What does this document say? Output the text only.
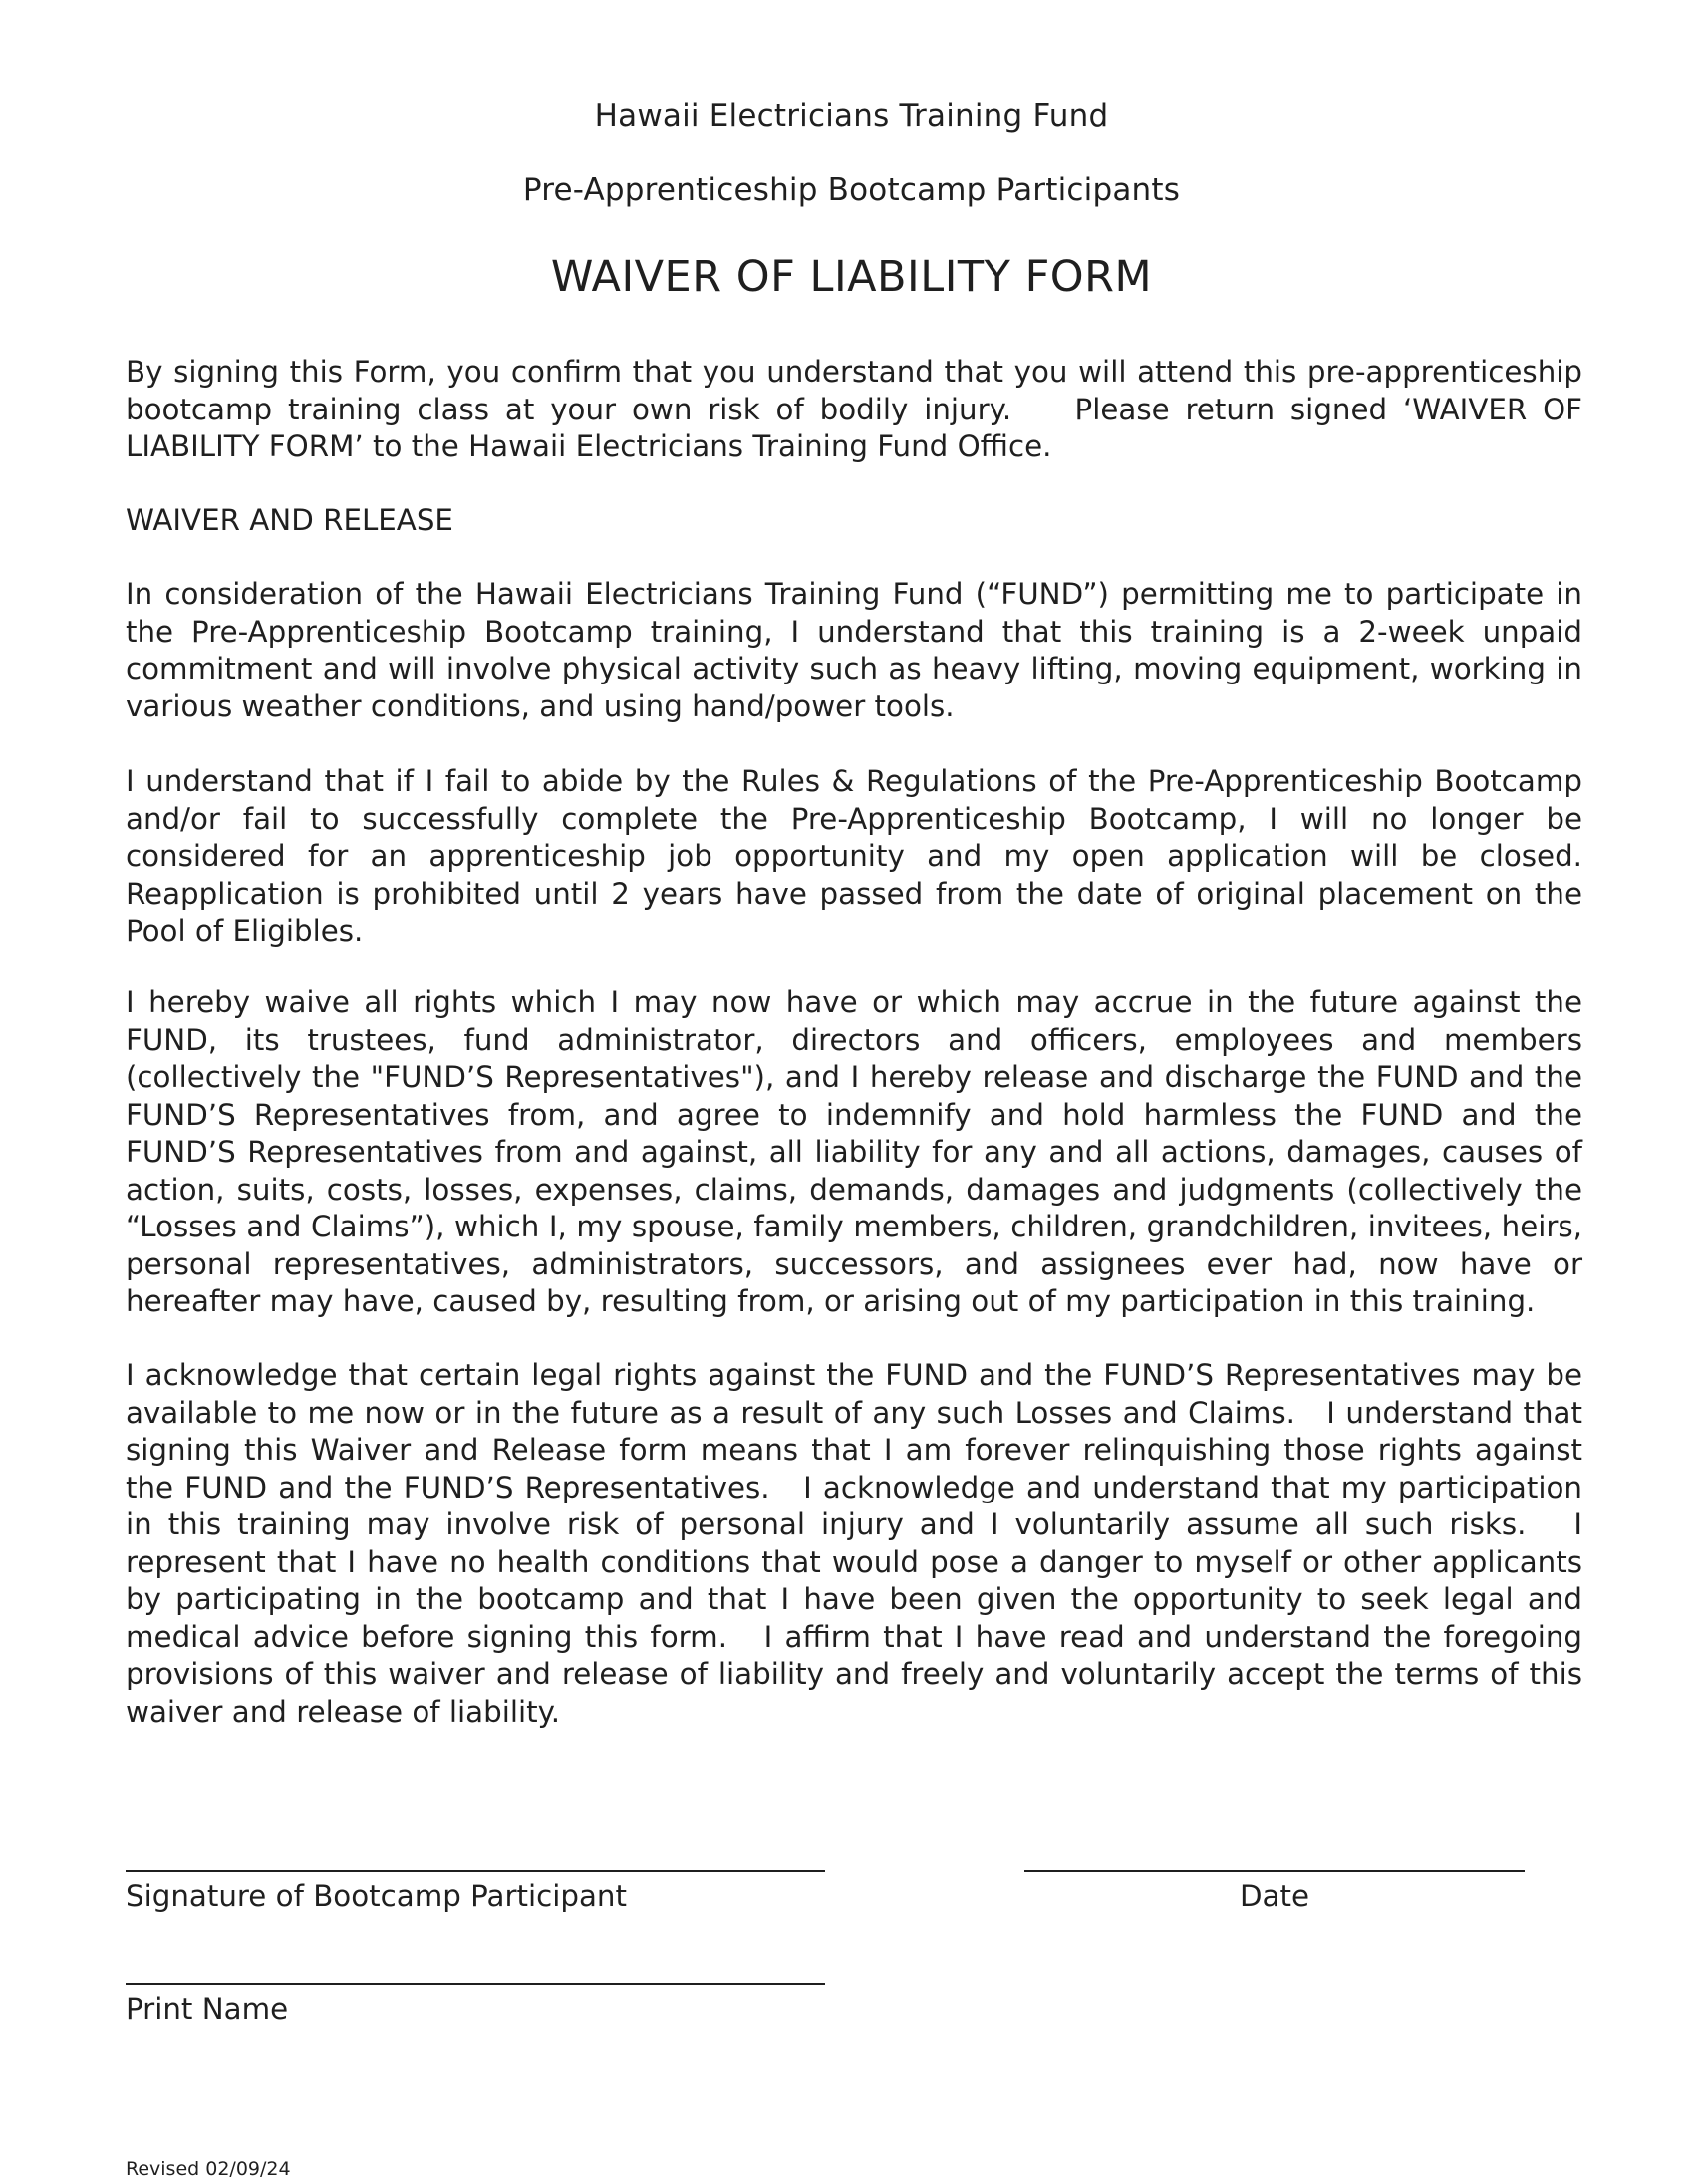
Hawaii Electricians Training Fund
Pre-Apprenticeship Bootcamp Participants
WAIVER OF LIABILITY FORM

By signing this Form, you confirm that you understand that you will attend this pre-apprenticeship bootcamp training class at your own risk of bodily injury.    Please return signed ‘WAIVER OF LIABILITY FORM’ to the Hawaii Electricians Training Fund Office.

WAIVER AND RELEASE

In consideration of the Hawaii Electricians Training Fund (“FUND”) permitting me to participate in the Pre-Apprenticeship Bootcamp training, I understand that this training is a 2-week unpaid commitment and will involve physical activity such as heavy lifting, moving equipment, working in various weather conditions, and using hand/power tools.

I understand that if I fail to abide by the Rules & Regulations of the Pre-Apprenticeship Bootcamp and/or fail to successfully complete the Pre-Apprenticeship Bootcamp, I will no longer be considered for an apprenticeship job opportunity and my open application will be closed. Reapplication is prohibited until 2 years have passed from the date of original placement on the Pool of Eligibles.

I hereby waive all rights which I may now have or which may accrue in the future against the FUND, its trustees, fund administrator, directors and officers, employees and members (collectively the "FUND’S Representatives"), and I hereby release and discharge the FUND and the FUND’S Representatives from, and agree to indemnify and hold harmless the FUND and the FUND’S Representatives from and against, all liability for any and all actions, damages, causes of action, suits, costs, losses, expenses, claims, demands, damages and judgments (collectively the “Losses and Claims”), which I, my spouse, family members, children, grandchildren, invitees, heirs, personal representatives, administrators, successors, and assignees ever had, now have or hereafter may have, caused by, resulting from, or arising out of my participation in this training.

I acknowledge that certain legal rights against the FUND and the FUND’S Representatives may be available to me now or in the future as a result of any such Losses and Claims.   I understand that signing this Waiver and Release form means that I am forever relinquishing those rights against the FUND and the FUND’S Representatives.   I acknowledge and understand that my participation in this training may involve risk of personal injury and I voluntarily assume all such risks.   I represent that I have no health conditions that would pose a danger to myself or other applicants by participating in the bootcamp and that I have been given the opportunity to seek legal and medical advice before signing this form.   I affirm that I have read and understand the foregoing provisions of this waiver and release of liability and freely and voluntarily accept the terms of this waiver and release of liability.

Signature of Bootcamp Participant	Date
Print Name
Revised 02/09/24
